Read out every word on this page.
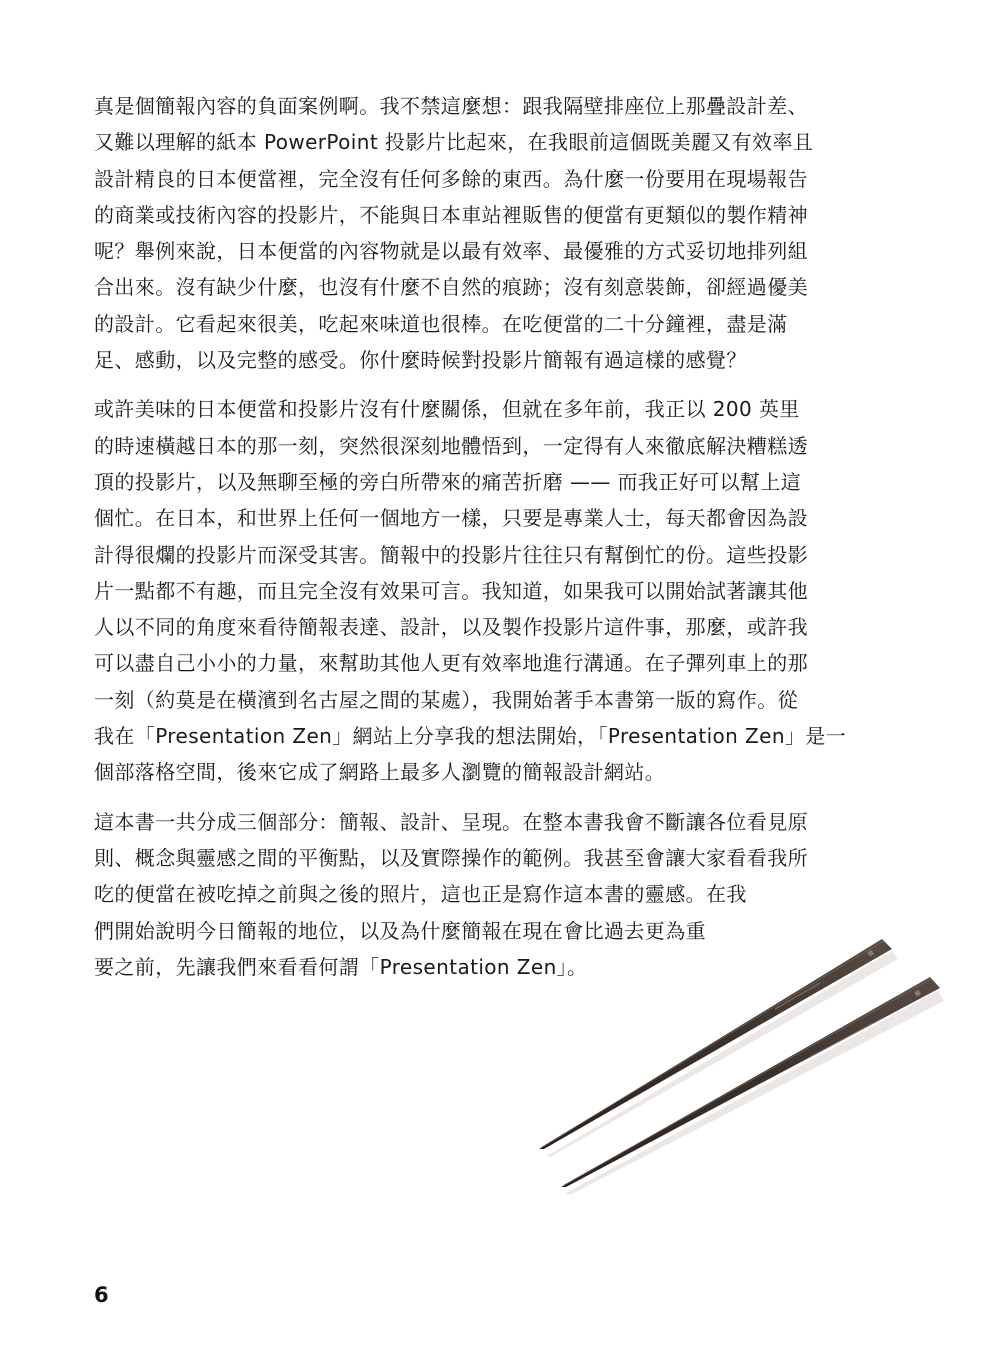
真是個簡報內容的負面案例啊。我不禁這麼想：跟我隔壁排座位上那疊設計差、
又難以理解的紙本 PowerPoint 投影片比起來，在我眼前這個既美麗又有效率且
設計精良的日本便當裡，完全沒有任何多餘的東西。為什麼一份要用在現場報告
的商業或技術內容的投影片，不能與日本車站裡販售的便當有更類似的製作精神
呢？舉例來說，日本便當的內容物就是以最有效率、最優雅的方式妥切地排列組
合出來。沒有缺少什麼，也沒有什麼不自然的痕跡；沒有刻意裝飾，卻經過優美
的設計。它看起來很美，吃起來味道也很棒。在吃便當的二十分鐘裡，盡是滿
足、感動，以及完整的感受。你什麼時候對投影片簡報有過這樣的感覺？
或許美味的日本便當和投影片沒有什麼關係，但就在多年前，我正以 200 英里
的時速橫越日本的那一刻，突然很深刻地體悟到，一定得有人來徹底解決糟糕透
頂的投影片，以及無聊至極的旁白所帶來的痛苦折磨 —— 而我正好可以幫上這
個忙。在日本，和世界上任何一個地方一樣，只要是專業人士，每天都會因為設
計得很爛的投影片而深受其害。簡報中的投影片往往只有幫倒忙的份。這些投影
片一點都不有趣，而且完全沒有效果可言。我知道，如果我可以開始試著讓其他
人以不同的角度來看待簡報表達、設計，以及製作投影片這件事，那麼，或許我
可以盡自己小小的力量，來幫助其他人更有效率地進行溝通。在子彈列車上的那
一刻（約莫是在橫濱到名古屋之間的某處），我開始著手本書第一版的寫作。從
我在「Presentation Zen」網站上分享我的想法開始，「Presentation Zen」是一
個部落格空間，後來它成了網路上最多人瀏覽的簡報設計網站。
這本書一共分成三個部分：簡報、設計、呈現。在整本書我會不斷讓各位看見原
則、概念與靈感之間的平衡點，以及實際操作的範例。我甚至會讓大家看看我所
吃的便當在被吃掉之前與之後的照片，這也正是寫作這本書的靈感。在我
們開始說明今日簡報的地位，以及為什麼簡報在現在會比過去更為重
要之前，先讓我們來看看何謂「Presentation Zen」。
6
